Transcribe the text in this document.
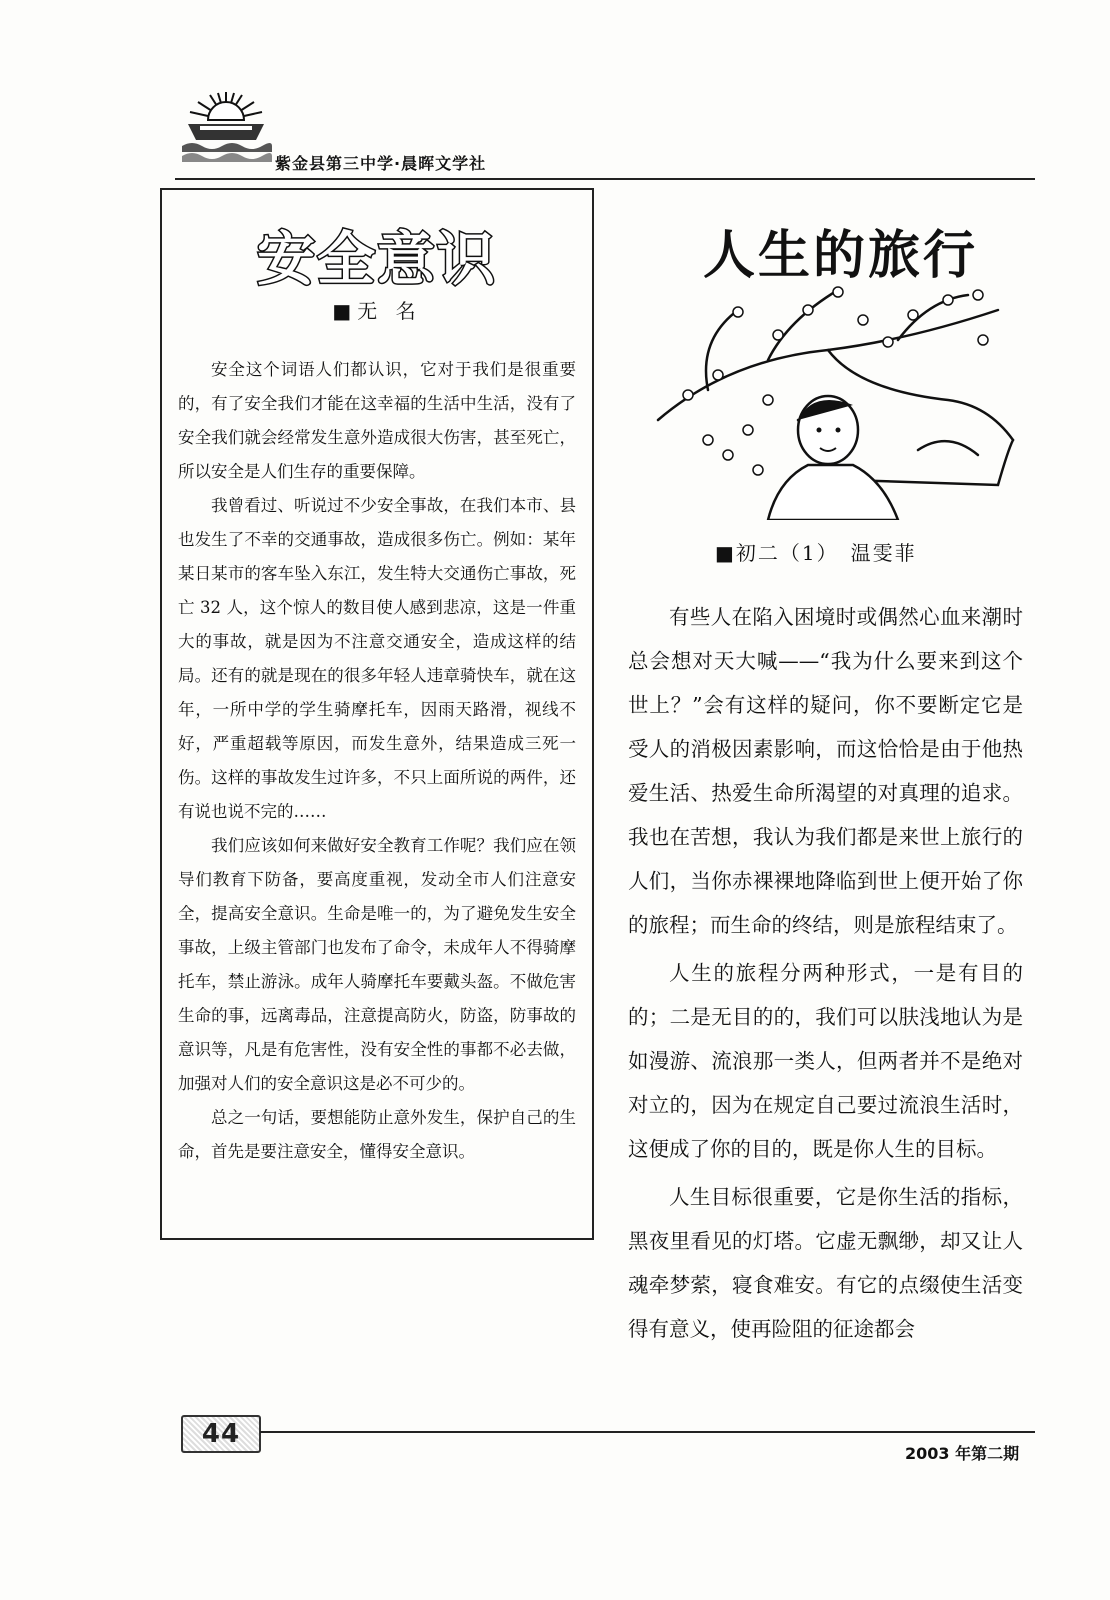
紫金县第三中学·晨晖文学社
安全意识
■无 名

安全这个词语人们都认识，它对于我们是很重要的，有了安全我们才能在这幸福的生活中生活，没有了安全我们就会经常发生意外造成很大伤害，甚至死亡，所以安全是人们生存的重要保障。

我曾看过、听说过不少安全事故，在我们本市、县也发生了不幸的交通事故，造成很多伤亡。例如：某年某日某市的客车坠入东江，发生特大交通伤亡事故，死亡 32 人，这个惊人的数目使人感到悲凉，这是一件重大的事故，就是因为不注意交通安全，造成这样的结局。还有的就是现在的很多年轻人违章骑快车，就在这年，一所中学的学生骑摩托车，因雨天路滑，视线不好，严重超载等原因，而发生意外，结果造成三死一伤。这样的事故发生过许多，不只上面所说的两件，还有说也说不完的……

我们应该如何来做好安全教育工作呢？我们应在领导们教育下防备，要高度重视，发动全市人们注意安全，提高安全意识。生命是唯一的，为了避免发生安全事故，上级主管部门也发布了命令，未成年人不得骑摩托车，禁止游泳。成年人骑摩托车要戴头盔。不做危害生命的事，远离毒品，注意提高防火，防盗，防事故的意识等，凡是有危害性，没有安全性的事都不必去做，加强对人们的安全意识这是必不可少的。

总之一句话，要想能防止意外发生，保护自己的生命，首先是要注意安全，懂得安全意识。

人生的旅行
■初二（1）　温雯菲

有些人在陷入困境时或偶然心血来潮时总会想对天大喊——“我为什么要来到这个世上？”会有这样的疑问，你不要断定它是受人的消极因素影响，而这恰恰是由于他热爱生活、热爱生命所渴望的对真理的追求。我也在苦想，我认为我们都是来世上旅行的人们，当你赤裸裸地降临到世上便开始了你的旅程；而生命的终结，则是旅程结束了。

人生的旅程分两种形式，一是有目的的；二是无目的的，我们可以肤浅地认为是如漫游、流浪那一类人，但两者并不是绝对对立的，因为在规定自己要过流浪生活时，这便成了你的目的，既是你人生的目标。

人生目标很重要，它是你生活的指标，黑夜里看见的灯塔。它虚无飘缈，却又让人魂牵梦萦，寝食难安。有它的点缀使生活变得有意义，使再险阻的征途都会

44
2003 年第二期
